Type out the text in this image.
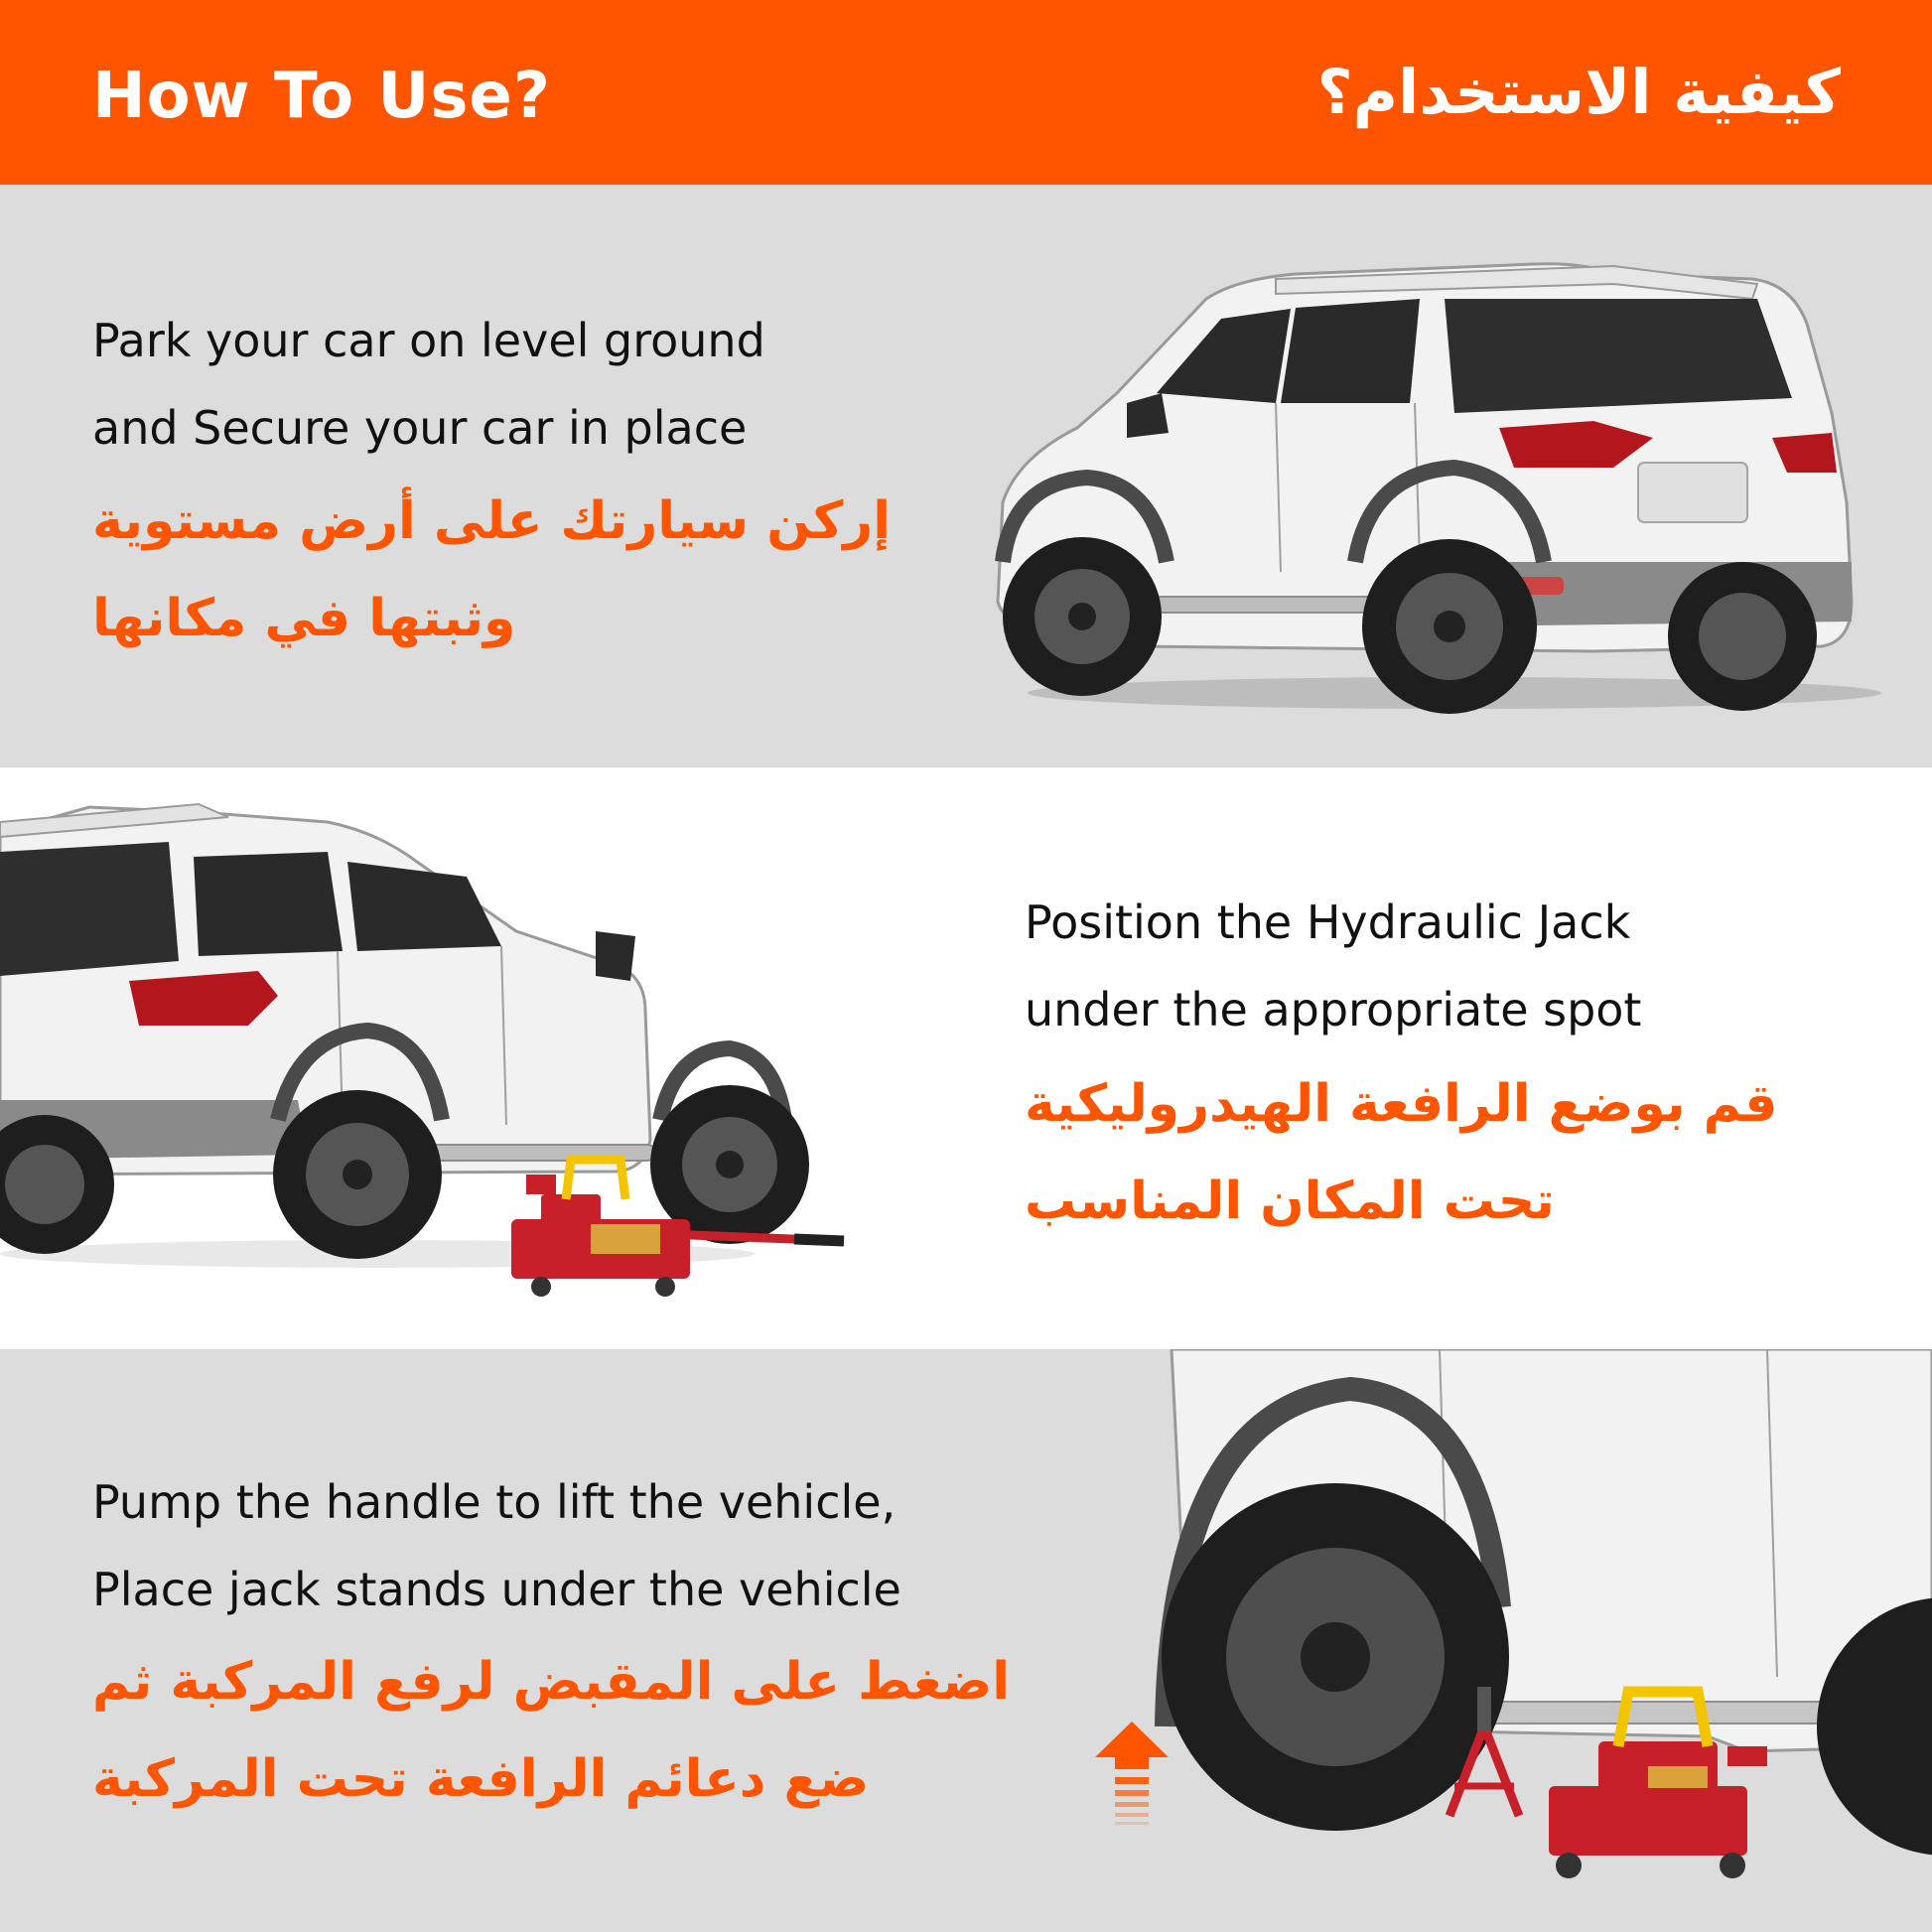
How To Use?	كيفية الاستخدام؟
Park your car on level ground
and Secure your car in place
إركن سيارتك على أرض مستوية
وثبتها في مكانها
Position the Hydraulic Jack
under the appropriate spot
قم بوضع الرافعة الهيدروليكية
تحت المكان المناسب
Pump the handle to lift the vehicle,
Place jack stands under the vehicle
اضغط على المقبض لرفع المركبة ثم
ضع دعائم الرافعة تحت المركبة
